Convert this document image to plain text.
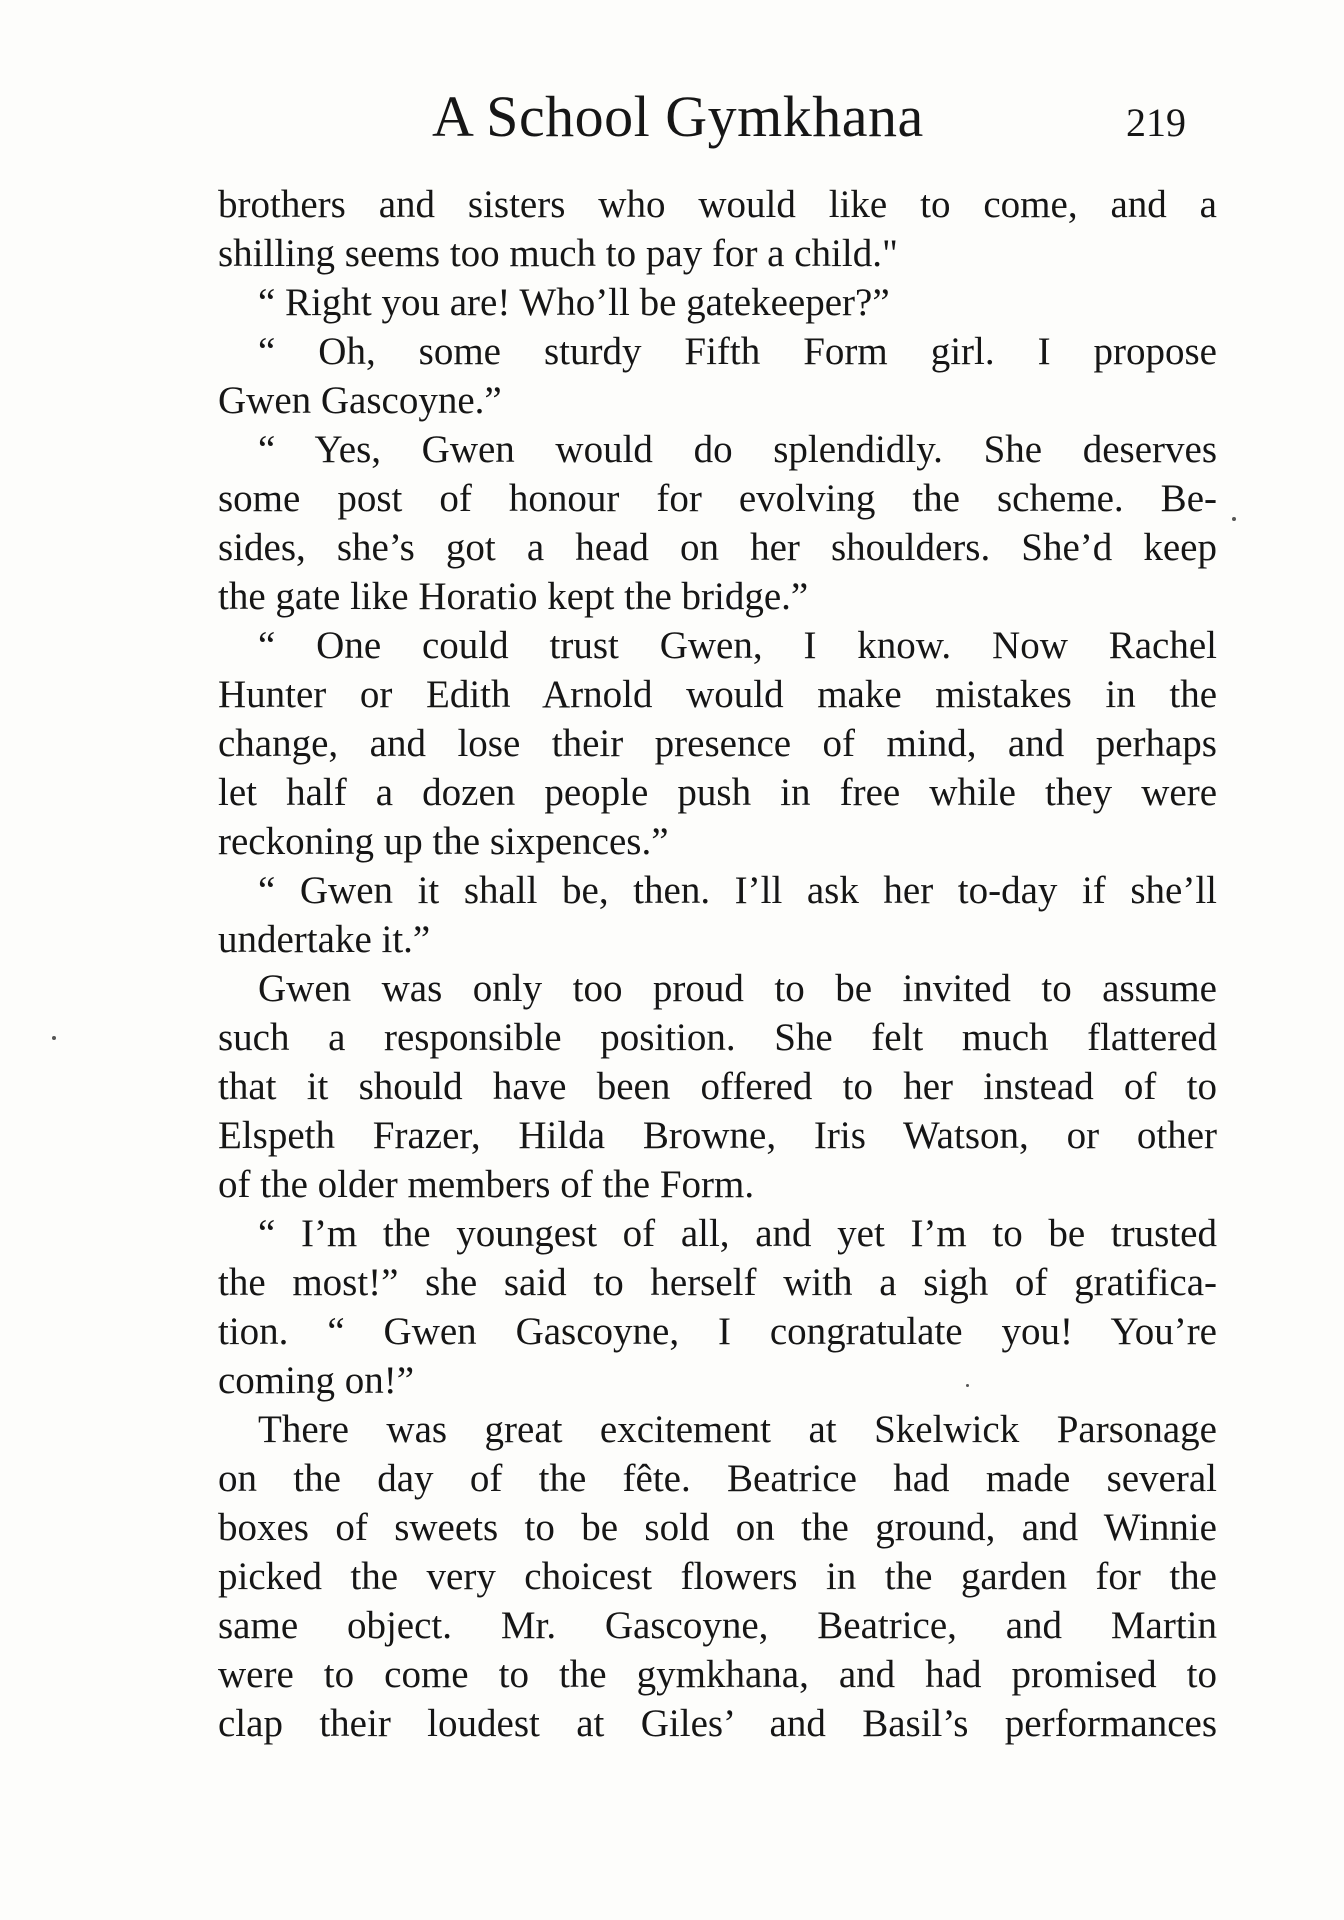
A School Gymkhana	219
brothers and sisters who would like to come, and a
shilling seems too much to pay for a child."
“ Right you are! Who’ll be gatekeeper?”
“ Oh, some sturdy Fifth Form girl. I propose
Gwen Gascoyne.”
“ Yes, Gwen would do splendidly. She deserves
some post of honour for evolving the scheme. Be-
sides, she’s got a head on her shoulders. She’d keep
the gate like Horatio kept the bridge.”
“ One could trust Gwen, I know. Now Rachel
Hunter or Edith Arnold would make mistakes in the
change, and lose their presence of mind, and perhaps
let half a dozen people push in free while they were
reckoning up the sixpences.”
“ Gwen it shall be, then. I’ll ask her to-day if she’ll
undertake it.”
Gwen was only too proud to be invited to assume
such a responsible position. She felt much flattered
that it should have been offered to her instead of to
Elspeth Frazer, Hilda Browne, Iris Watson, or other
of the older members of the Form.
“ I’m the youngest of all, and yet I’m to be trusted
the most!” she said to herself with a sigh of gratifica-
tion. “ Gwen Gascoyne, I congratulate you! You’re
coming on!”
There was great excitement at Skelwick Parsonage
on the day of the fête. Beatrice had made several
boxes of sweets to be sold on the ground, and Winnie
picked the very choicest flowers in the garden for the
same object. Mr. Gascoyne, Beatrice, and Martin
were to come to the gymkhana, and had promised to
clap their loudest at Giles’ and Basil’s performances
